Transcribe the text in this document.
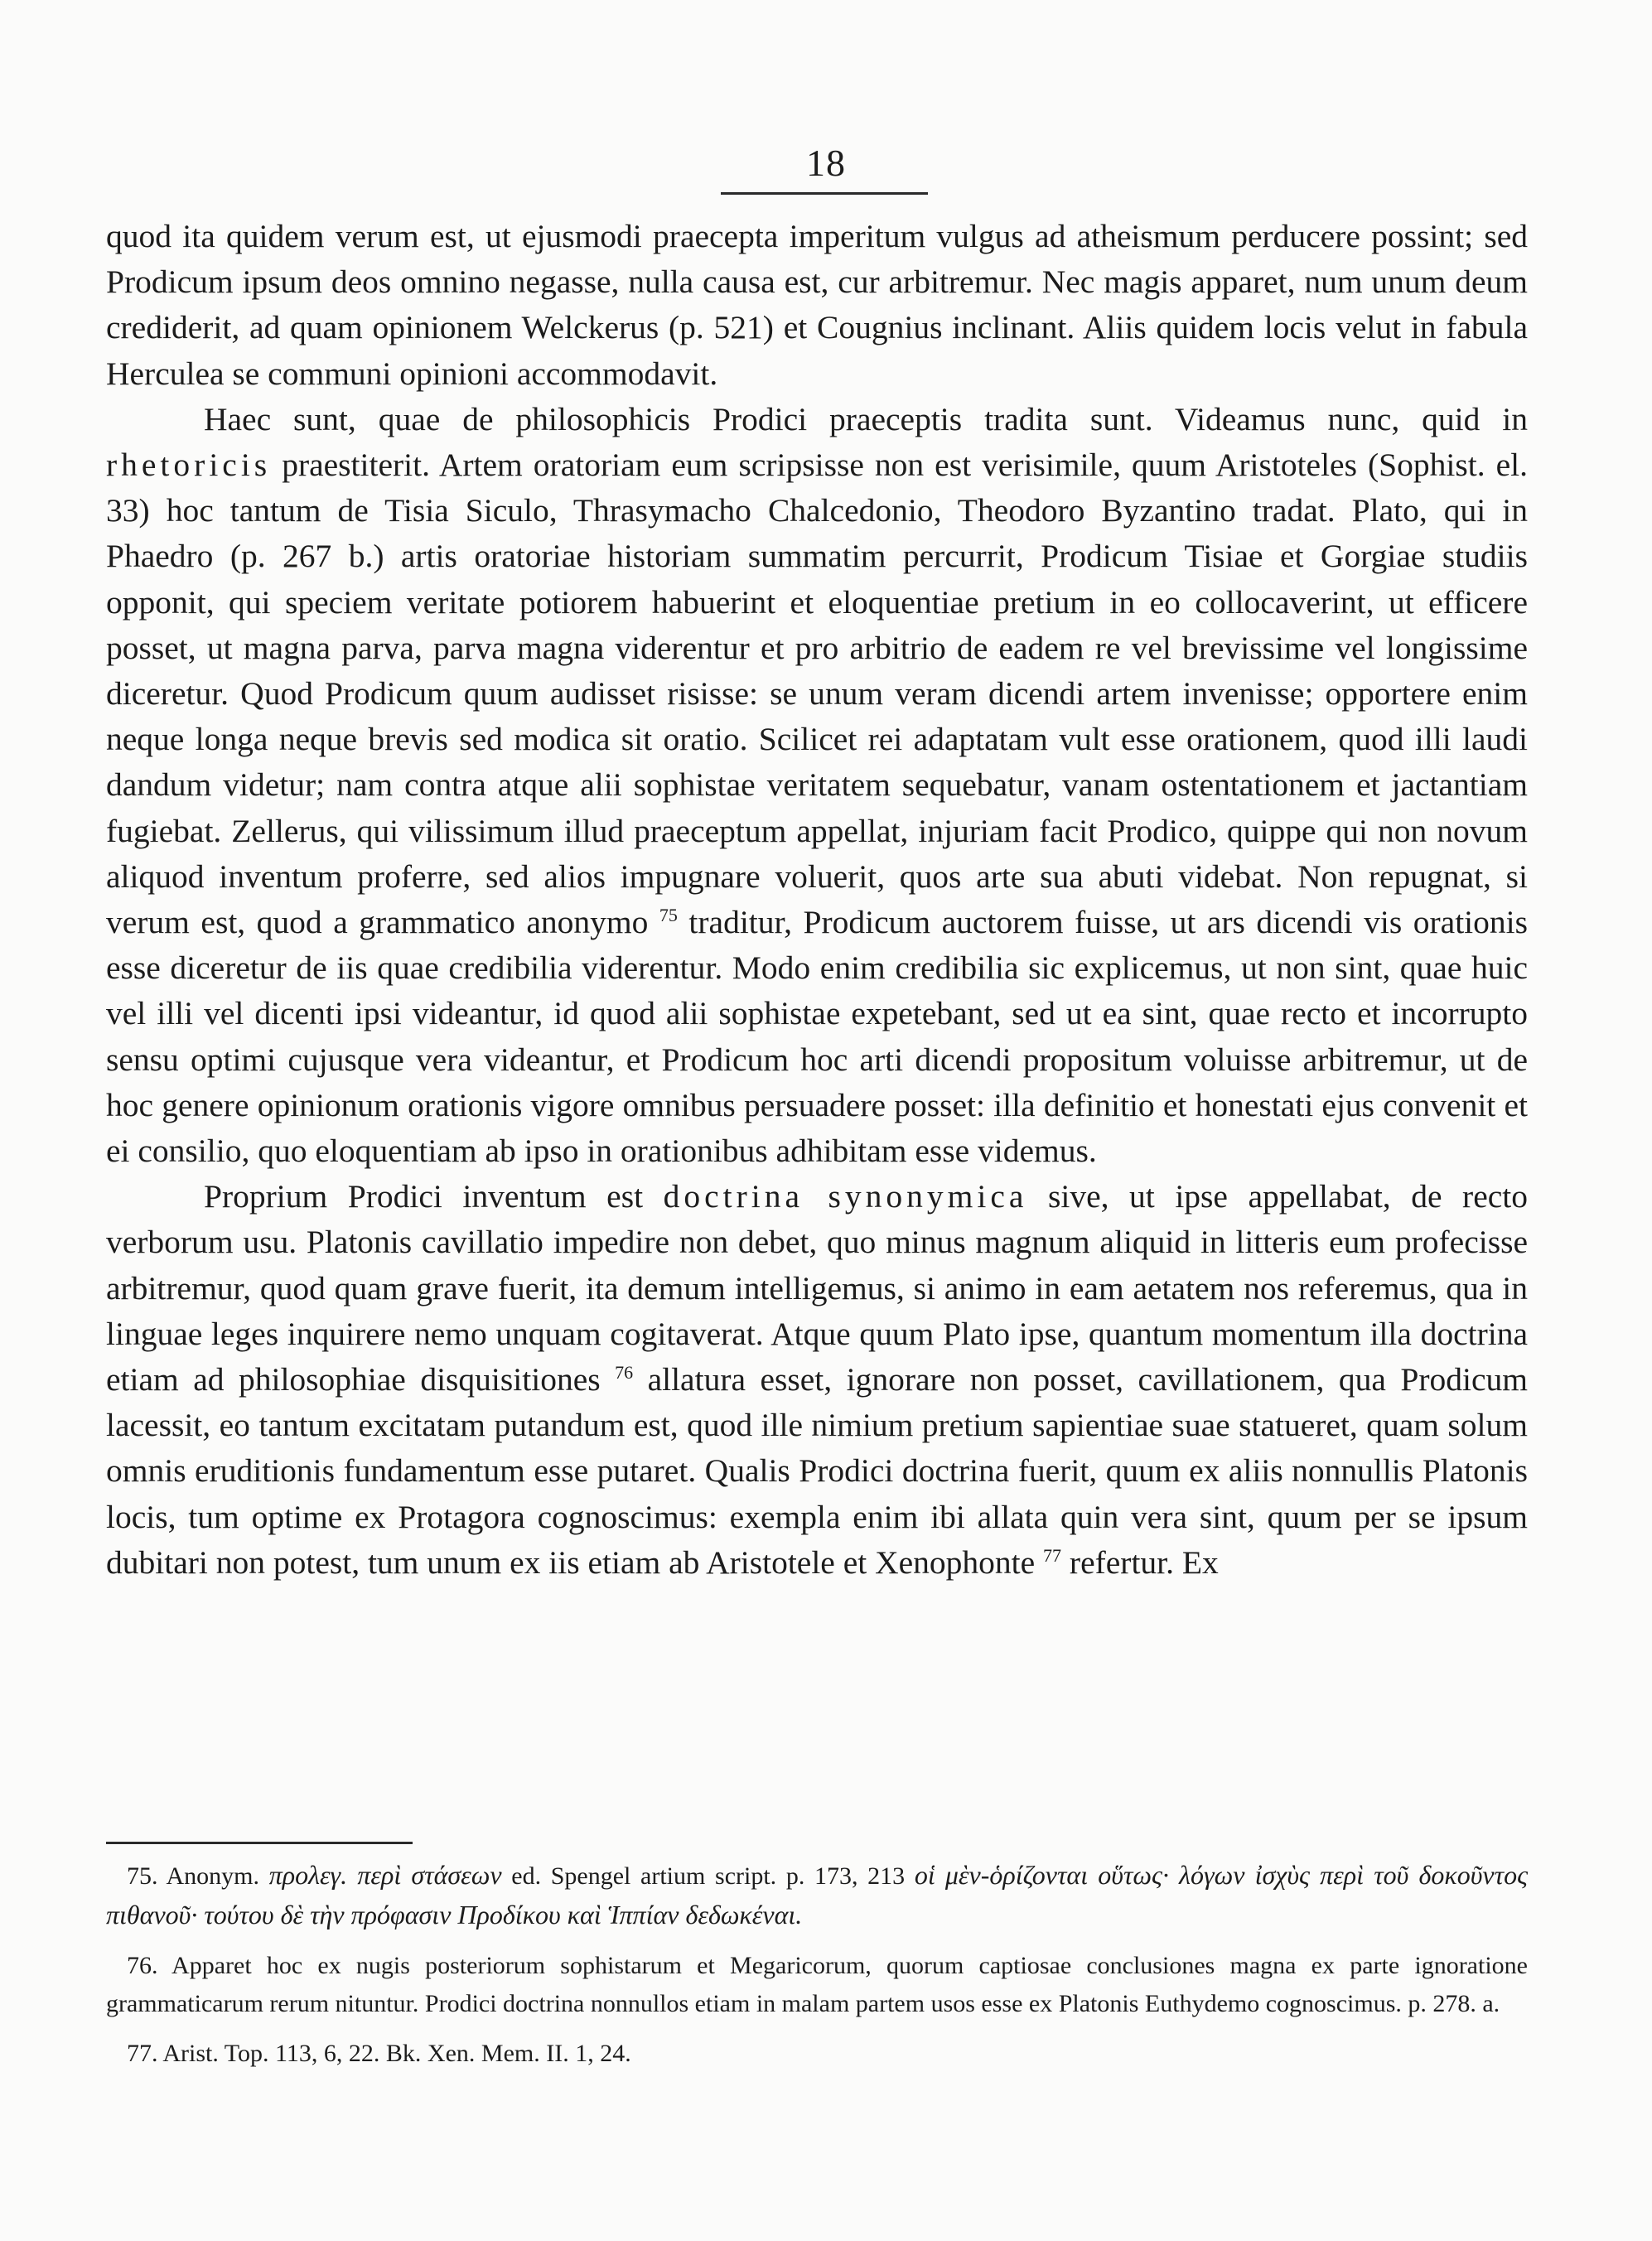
18

quod ita quidem verum est, ut ejusmodi praecepta imperitum vulgus ad atheismum perducere possint; sed Prodicum ipsum deos omnino negasse, nulla causa est, cur arbitremur. Nec magis apparet, num unum deum crediderit, ad quam opinionem Welckerus (p. 521) et Cougnius inclinant. Aliis quidem locis velut in fabula Herculea se communi opinioni accommodavit.

Haec sunt, quae de philosophicis Prodici praeceptis tradita sunt. Videamus nunc, quid in rhetoricis praestiterit. Artem oratoriam eum scripsisse non est verisimile, quum Aristoteles (Sophist. el. 33) hoc tantum de Tisia Siculo, Thrasymacho Chalcedonio, Theodoro Byzantino tradat. Plato, qui in Phaedro (p. 267 b.) artis oratoriae historiam summatim percurrit, Prodicum Tisiae et Gorgiae studiis opponit, qui speciem veritate potiorem habuerint et eloquentiae pretium in eo collocaverint, ut efficere posset, ut magna parva, parva magna viderentur et pro arbitrio de eadem re vel brevissime vel longissime diceretur. Quod Prodicum quum audisset risisse: se unum veram dicendi artem invenisse; opportere enim neque longa neque brevis sed modica sit oratio. Scilicet rei adaptatam vult esse orationem, quod illi laudi dandum videtur; nam contra atque alii sophistae veritatem sequebatur, vanam ostentationem et jactantiam fugiebat. Zellerus, qui vilissimum illud praeceptum appellat, injuriam facit Prodico, quippe qui non novum aliquod inventum proferre, sed alios impugnare voluerit, quos arte sua abuti videbat. Non repugnat, si verum est, quod a grammatico anonymo $^{75}$ traditur, Prodicum auctorem fuisse, ut ars dicendi vis orationis esse diceretur de iis quae credibilia viderentur. Modo enim credibilia sic explicemus, ut non sint, quae huic vel illi vel dicenti ipsi videantur, id quod alii sophistae expetebant, sed ut ea sint, quae recto et incorrupto sensu optimi cujusque vera videantur, et Prodicum hoc arti dicendi propositum voluisse arbitremur, ut de hoc genere opinionum orationis vigore omnibus persuadere posset: illa definitio et honestati ejus convenit et ei consilio, quo eloquentiam ab ipso in orationibus adhibitam esse videmus.

Proprium Prodici inventum est doctrina synonymica sive, ut ipse appellabat, de recto verborum usu. Platonis cavillatio impedire non debet, quo minus magnum aliquid in litteris eum profecisse arbitremur, quod quam grave fuerit, ita demum intelligemus, si animo in eam aetatem nos referemus, qua in linguae leges inquirere nemo unquam cogitaverat. Atque quum Plato ipse, quantum momentum illa doctrina etiam ad philosophiae disquisitiones $^{76}$ allatura esset, ignorare non posset, cavillationem, qua Prodicum lacessit, eo tantum excitatam putandum est, quod ille nimium pretium sapientiae suae statueret, quam solum omnis eruditionis fundamentum esse putaret. Qualis Prodici doctrina fuerit, quum ex aliis nonnullis Platonis locis, tum optime ex Protagora cognoscimus: exempla enim ibi allata quin vera sint, quum per se ipsum dubitari non potest, tum unum ex iis etiam ab Aristotele et Xenophonte $^{77}$ refertur. Ex

75. Anonym. προλεγ. περὶ στάσεων ed. Spengel artium script. p. 173, 213 οἱ μὲν-ὁρίζονται οὕτως· λόγων ἰσχὺς περὶ τοῦ δοκοῦντος πιθανοῦ· τούτου δὲ τὴν πρόφασιν Προδίκου καὶ Ἱππίαν δεδωκέναι.

76. Apparet hoc ex nugis posteriorum sophistarum et Megaricorum, quorum captiosae conclusiones magna ex parte ignoratione grammaticarum rerum nituntur. Prodici doctrina nonnullos etiam in malam partem usos esse ex Platonis Euthydemo cognoscimus. p. 278. a.

77. Arist. Top. 113, 6, 22. Bk. Xen. Mem. II. 1, 24.
